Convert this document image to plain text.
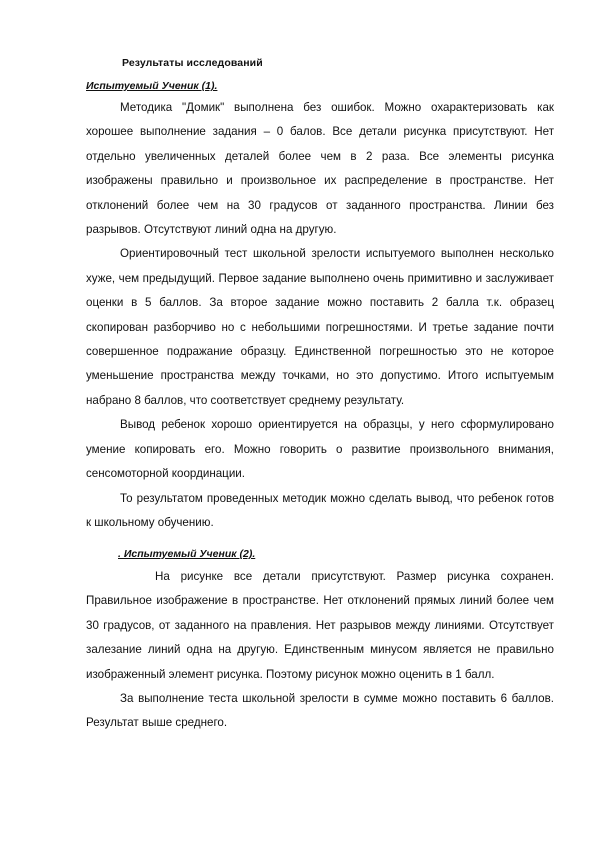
Результаты исследований
Испытуемый Ученик (1).

Методика "Домик" выполнена без ошибок. Можно охарактеризовать как хорошее выполнение задания – 0 балов. Все детали рисунка присутствуют. Нет отдельно увеличенных деталей более чем в 2 раза. Все элементы рисунка изображены правильно и произвольное их распределение в пространстве. Нет отклонений более чем на 30 градусов от заданного пространства. Линии без разрывов. Отсутствуют линий одна на другую.

Ориентировочный тест школьной зрелости испытуемого выполнен несколько хуже, чем предыдущий. Первое задание выполнено очень примитивно и заслуживает оценки в 5 баллов. За второе задание можно поставить 2 балла т.к. образец скопирован разборчиво но с небольшими погрешностями. И третье задание почти совершенное подражание образцу. Единственной погрешностью это не которое уменьшение пространства между точками, но это допустимо. Итого испытуемым набрано 8 баллов, что соответствует среднему результату.

Вывод ребенок хорошо ориентируется на образцы, у него сформулировано умение копировать его. Можно говорить о развитие произвольного внимания, сенсомоторной координации.

То результатом проведенных методик можно сделать вывод, что ребенок готов к школьному обучению.

. Испытуемый Ученик (2).

На рисунке все детали присутствуют. Размер рисунка сохранен. Правильное изображение в пространстве. Нет отклонений прямых линий более чем 30 градусов, от заданного на правления. Нет разрывов между линиями. Отсутствует залезание линий одна на другую. Единственным минусом является не правильно изображенный элемент рисунка. Поэтому рисунок можно оценить в 1 балл.

За выполнение теста школьной зрелости в сумме можно поставить 6 баллов. Результат выше среднего.
